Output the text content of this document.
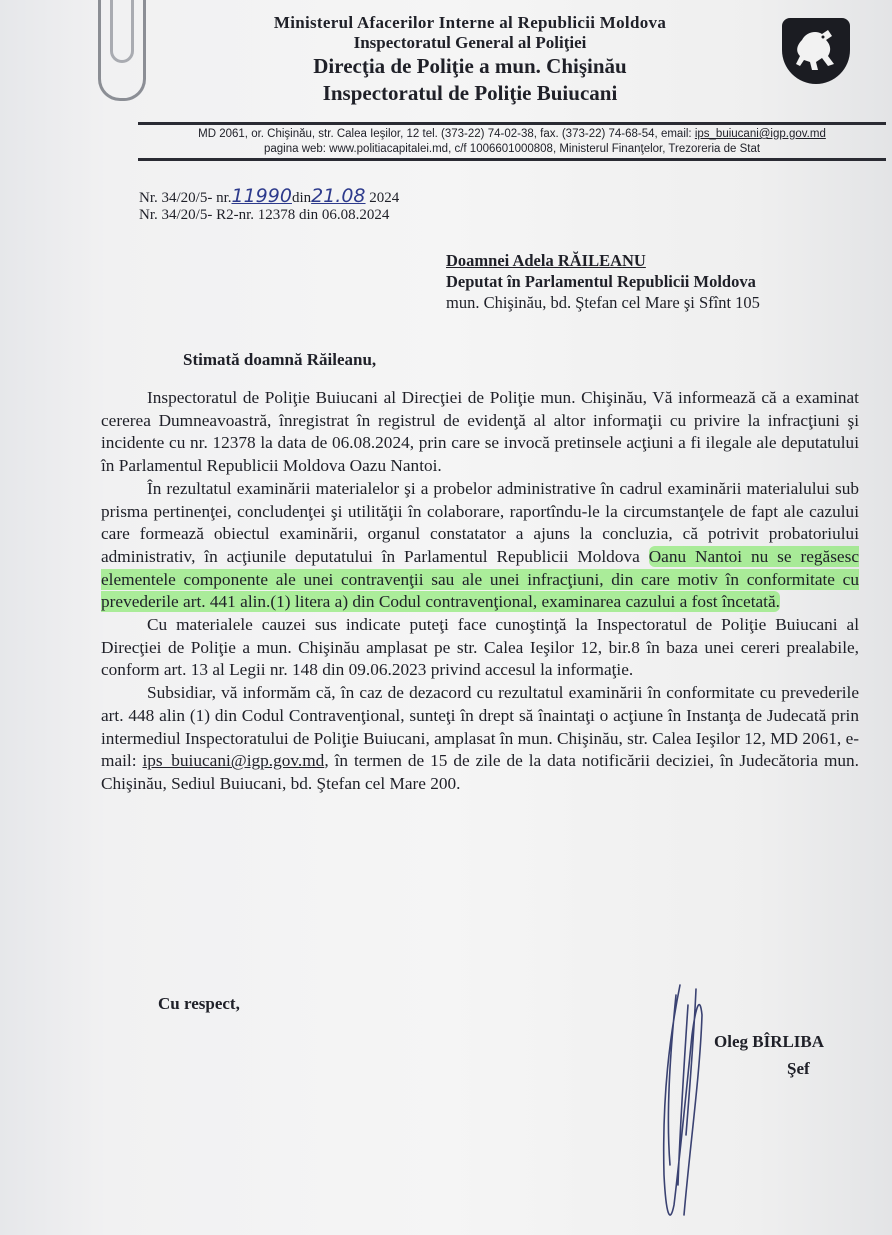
Ministerul Afacerilor Interne al Republicii Moldova
Inspectoratul General al Poliţiei
Direcţia de Poliţie a mun. Chişinău
Inspectoratul de Poliţie Buiucani
MD 2061, or. Chişinău, str. Calea Ieşilor, 12 tel. (373-22) 74-02-38, fax. (373-22) 74-68-54, email: ips_buiucani@igp.gov.md
pagina web: www.politiacapitalei.md, c/f 1006601000808, Ministerul Finanţelor, Trezoreria de Stat
Nr. 34/20/5- nr.11990din21.08 2024
Nr. 34/20/5- R2-nr. 12378 din 06.08.2024
Doamnei Adela RĂILEANU
Deputat în Parlamentul Republicii Moldova
mun. Chişinău, bd. Ştefan cel Mare şi Sfînt 105
Stimată doamnă Răileanu,

Inspectoratul de Poliţie Buiucani al Direcţiei de Poliţie mun. Chişinău, Vă informează că a examinat cererea Dumneavoastră, înregistrat în registrul de evidenţă al altor informaţii cu privire la infracţiuni şi incidente cu nr. 12378 la data de 06.08.2024, prin care se invocă pretinsele acţiuni a fi ilegale ale deputatului în Parlamentul Republicii Moldova Oazu Nantoi.

În rezultatul examinării materialelor şi a probelor administrative în cadrul examinării materialului sub prisma pertinenţei, concludenţei şi utilităţii în colaborare, raportîndu-le la circumstanţele de fapt ale cazului care formează obiectul examinării, organul constatator a ajuns la concluzia, că potrivit probatoriului administrativ, în acţiunile deputatului în Parlamentul Republicii Moldova Oanu Nantoi nu se regăsesc elementele componente ale unei contravenţii sau ale unei infracţiuni, din care motiv în conformitate cu prevederile art. 441 alin.(1) litera a) din Codul contravenţional, examinarea cazului a fost încetată.

Cu materialele cauzei sus indicate puteţi face cunoştinţă la Inspectoratul de Poliţie Buiucani al Direcţiei de Poliţie a mun. Chişinău amplasat pe str. Calea Ieşilor 12, bir.8 în baza unei cereri prealabile, conform art. 13 al Legii nr. 148 din 09.06.2023 privind accesul la informaţie.

Subsidiar, vă informăm că, în caz de dezacord cu rezultatul examinării în conformitate cu prevederile art. 448 alin (1) din Codul Contravenţional, sunteţi în drept să înaintaţi o acţiune în Instanţa de Judecată prin intermediul Inspectoratului de Poliţie Buiucani, amplasat în mun. Chişinău, str. Calea Ieşilor 12, MD 2061, e-mail: ips_buiucani@igp.gov.md, în termen de 15 de zile de la data notificării deciziei, în Judecătoria mun. Chişinău, Sediul Buiucani, bd. Ştefan cel Mare 200.

Cu respect,
Oleg BÎRLIBA
Şef
